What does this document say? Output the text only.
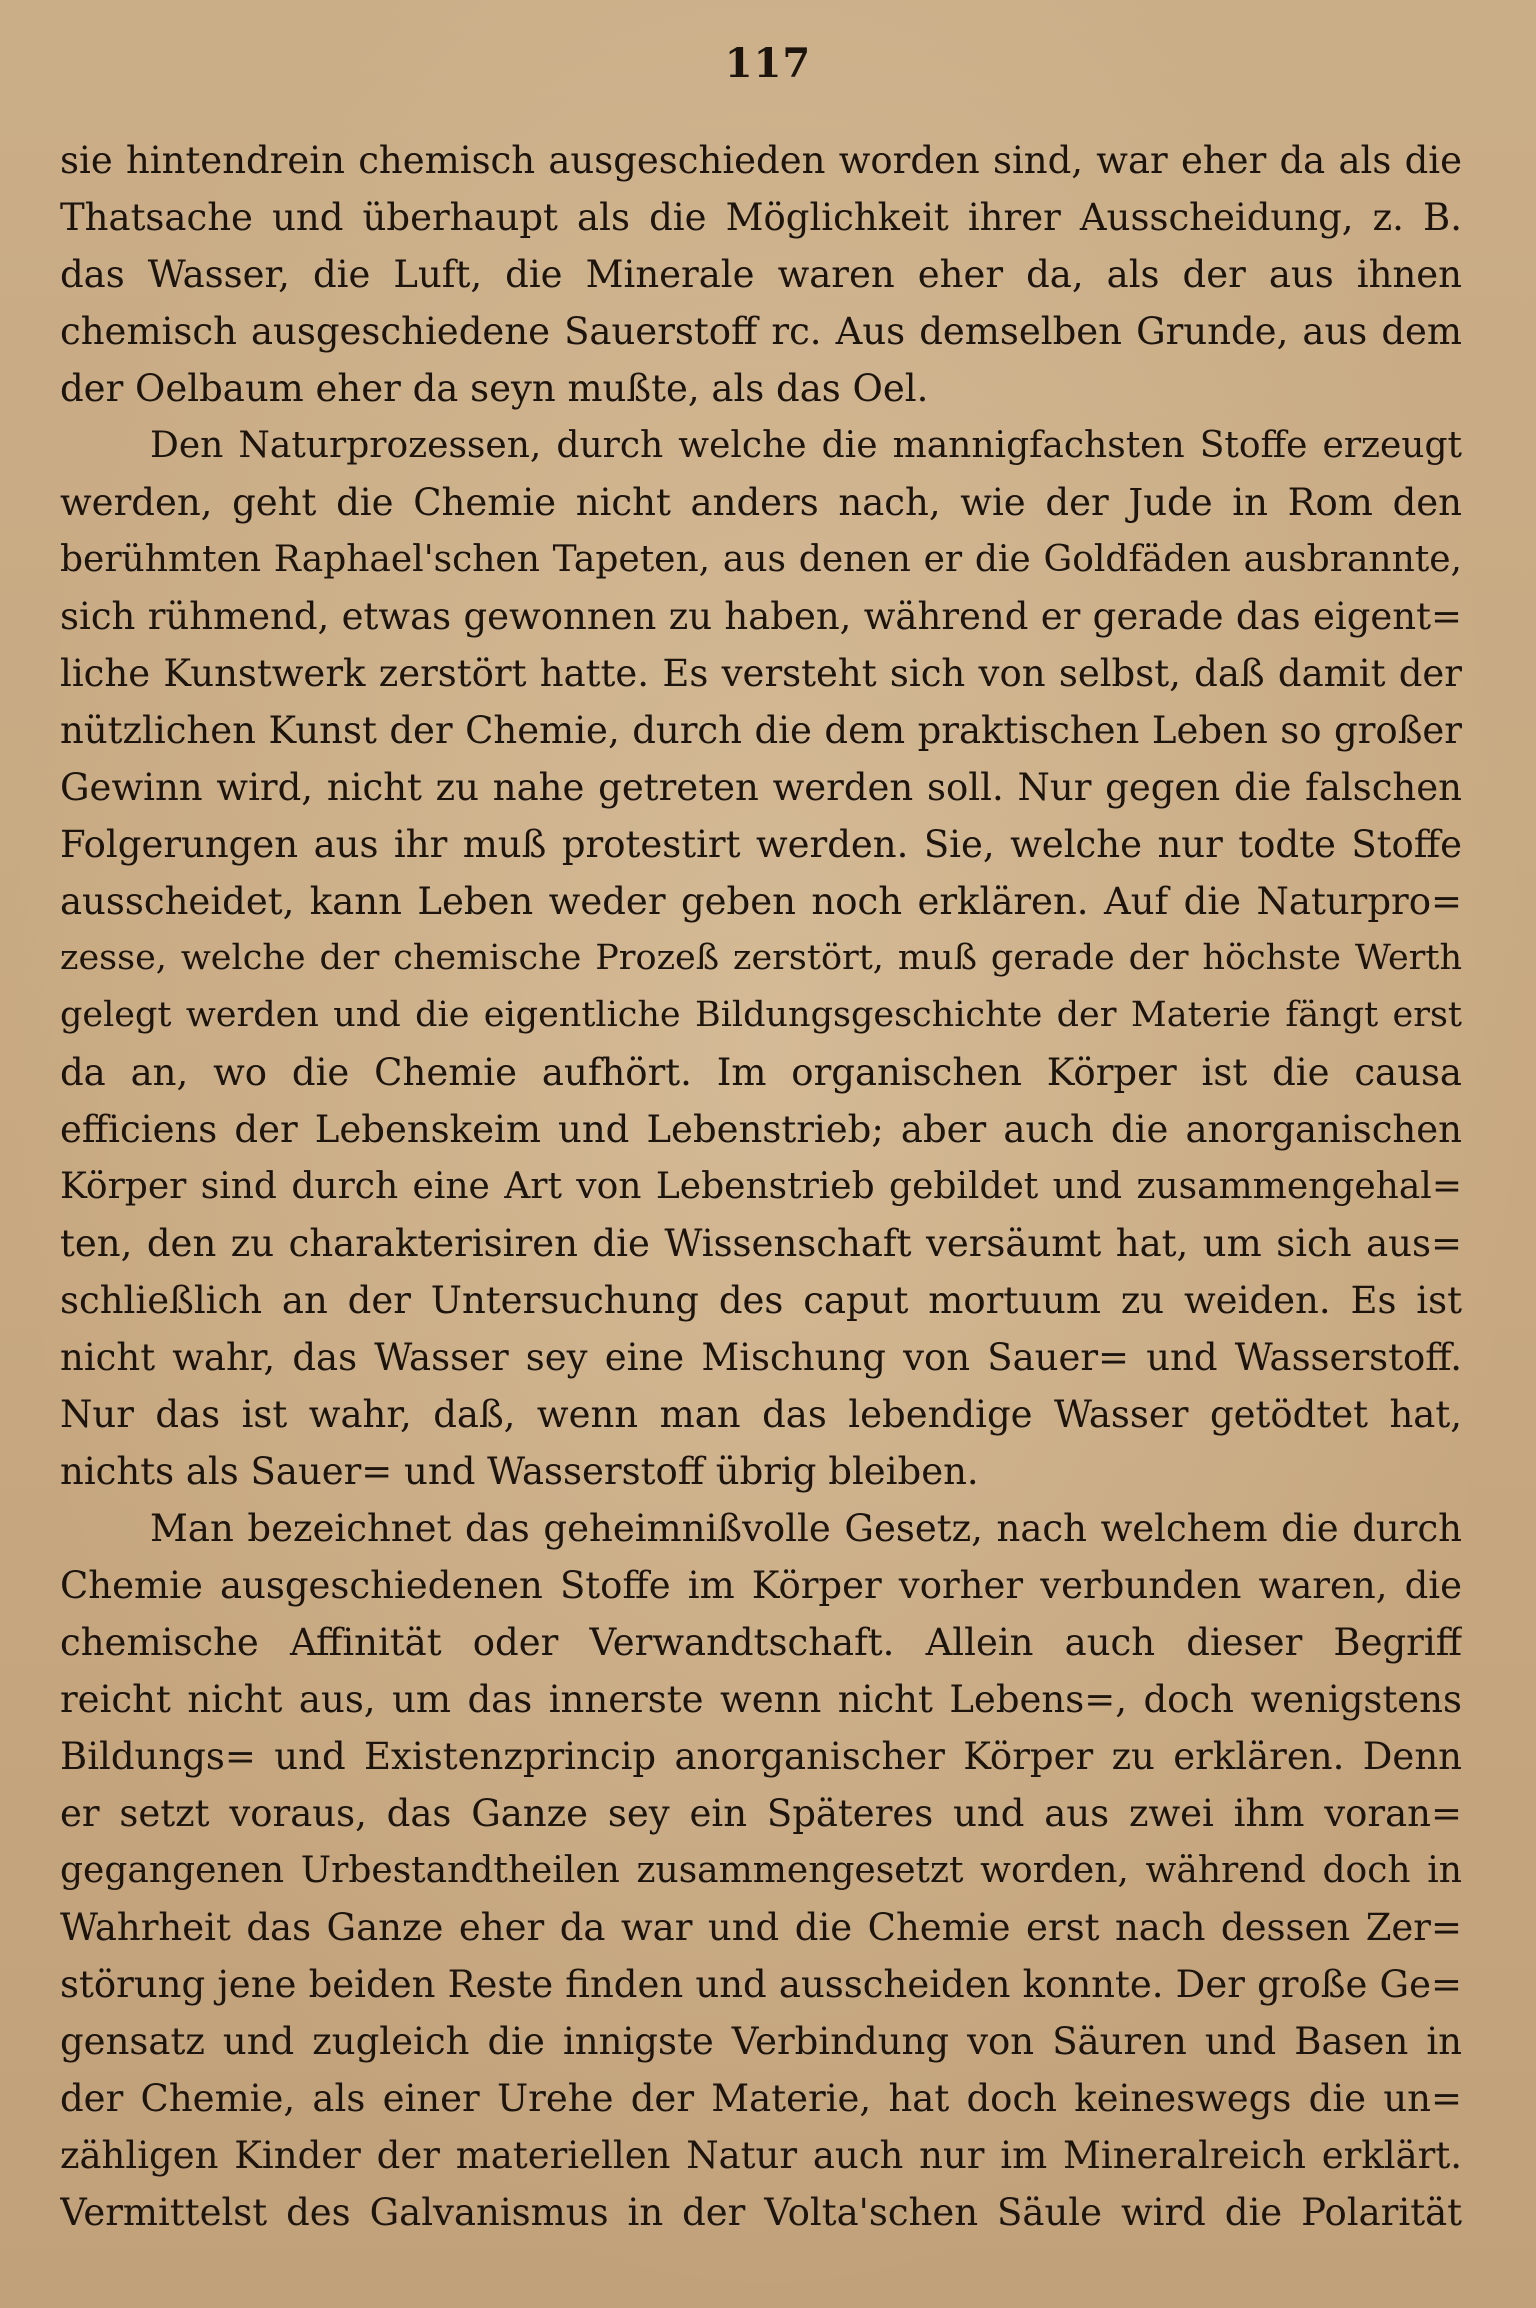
117
sie hintendrein chemisch ausgeschieden worden sind, war eher da als die
Thatsache und überhaupt als die Möglichkeit ihrer Ausscheidung, z. B.
das Wasser, die Luft, die Minerale waren eher da, als der aus ihnen
chemisch ausgeschiedene Sauerstoff rc. Aus demselben Grunde, aus dem
der Oelbaum eher da seyn mußte, als das Oel.
Den Naturprozessen, durch welche die mannigfachsten Stoffe erzeugt
werden, geht die Chemie nicht anders nach, wie der Jude in Rom den
berühmten Raphael'schen Tapeten, aus denen er die Goldfäden ausbrannte,
sich rühmend, etwas gewonnen zu haben, während er gerade das eigent=
liche Kunstwerk zerstört hatte. Es versteht sich von selbst, daß damit der
nützlichen Kunst der Chemie, durch die dem praktischen Leben so großer
Gewinn wird, nicht zu nahe getreten werden soll. Nur gegen die falschen
Folgerungen aus ihr muß protestirt werden. Sie, welche nur todte Stoffe
ausscheidet, kann Leben weder geben noch erklären. Auf die Naturpro=
zesse, welche der chemische Prozeß zerstört, muß gerade der höchste Werth
gelegt werden und die eigentliche Bildungsgeschichte der Materie fängt erst
da an, wo die Chemie aufhört. Im organischen Körper ist die causa
efficiens der Lebenskeim und Lebenstrieb; aber auch die anorganischen
Körper sind durch eine Art von Lebenstrieb gebildet und zusammengehal=
ten, den zu charakterisiren die Wissenschaft versäumt hat, um sich aus=
schließlich an der Untersuchung des caput mortuum zu weiden. Es ist
nicht wahr, das Wasser sey eine Mischung von Sauer= und Wasserstoff.
Nur das ist wahr, daß, wenn man das lebendige Wasser getödtet hat,
nichts als Sauer= und Wasserstoff übrig bleiben.
Man bezeichnet das geheimnißvolle Gesetz, nach welchem die durch
Chemie ausgeschiedenen Stoffe im Körper vorher verbunden waren, die
chemische Affinität oder Verwandtschaft. Allein auch dieser Begriff
reicht nicht aus, um das innerste wenn nicht Lebens=, doch wenigstens
Bildungs= und Existenzprincip anorganischer Körper zu erklären. Denn
er setzt voraus, das Ganze sey ein Späteres und aus zwei ihm voran=
gegangenen Urbestandtheilen zusammengesetzt worden, während doch in
Wahrheit das Ganze eher da war und die Chemie erst nach dessen Zer=
störung jene beiden Reste finden und ausscheiden konnte. Der große Ge=
gensatz und zugleich die innigste Verbindung von Säuren und Basen in
der Chemie, als einer Urehe der Materie, hat doch keineswegs die un=
zähligen Kinder der materiellen Natur auch nur im Mineralreich erklärt.
Vermittelst des Galvanismus in der Volta'schen Säule wird die Polarität
